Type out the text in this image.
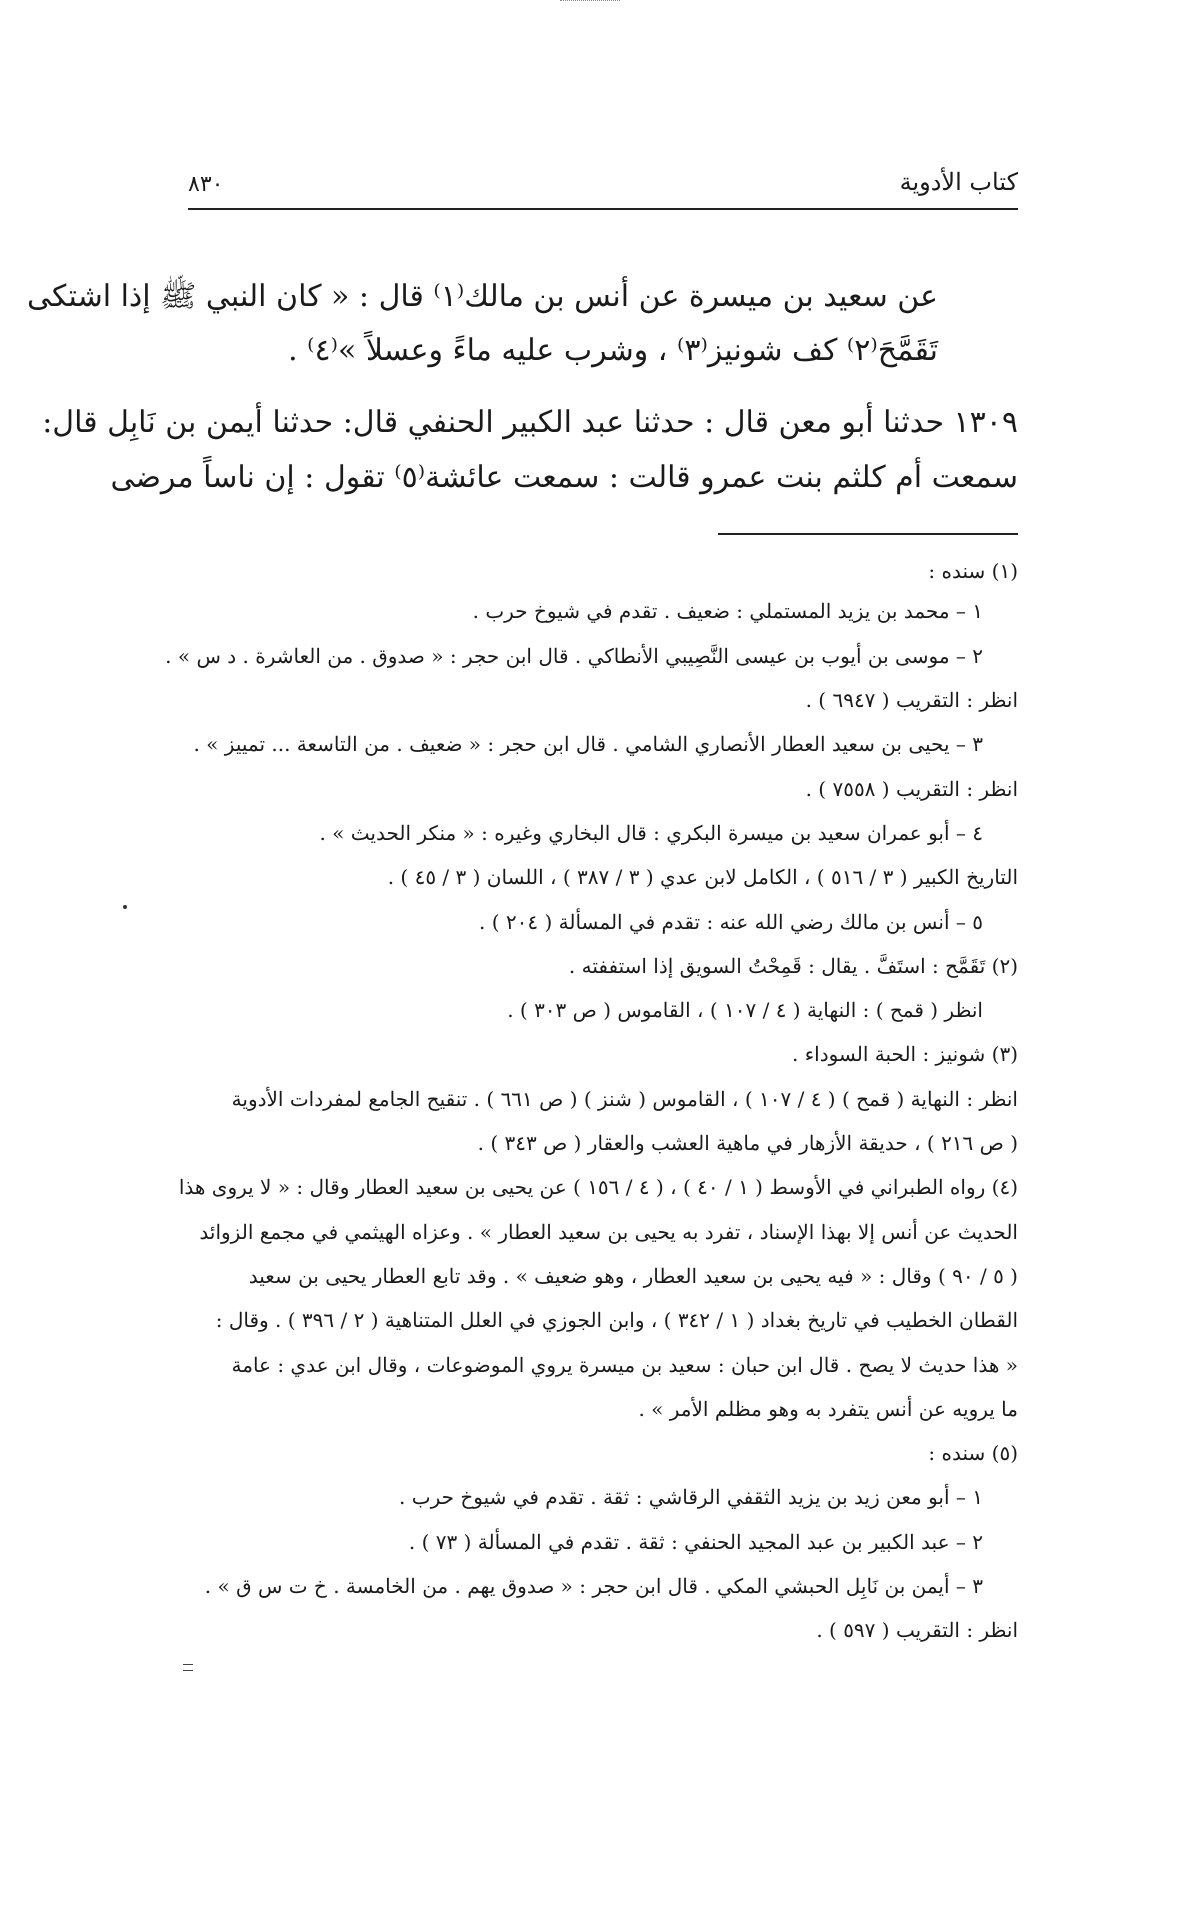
كتاب الأدوية
٨٣٠
عن سعيد بن ميسرة عن أنس بن مالك⁽١⁾ قال : « كان النبي ﷺ إذا اشتكى
تَقَمَّحَ⁽٢⁾ كف شونيز⁽٣⁾ ، وشرب عليه ماءً وعسلاً »⁽٤⁾ .
١٣٠٩ حدثنا أبو معن قال : حدثنا عبد الكبير الحنفي قال: حدثنا أيمن بن نَابِل قال:
سمعت أم كلثم بنت عمرو قالت : سمعت عائشة⁽٥⁾ تقول : إن ناساً مرضى
(١) سنده :
١ – محمد بن يزيد المستملي : ضعيف . تقدم في شيوخ حرب .
٢ – موسى بن أيوب بن عيسى النَّصِيبي الأنطاكي . قال ابن حجر : « صدوق . من العاشرة . د س » .
انظر : التقريب ( ٦٩٤٧ ) .
٣ – يحيى بن سعيد العطار الأنصاري الشامي . قال ابن حجر : « ضعيف . من التاسعة ... تمييز » .
انظر : التقريب ( ٧٥٥٨ ) .
٤ – أبو عمران سعيد بن ميسرة البكري : قال البخاري وغيره : « منكر الحديث » .
التاريخ الكبير ( ٣ / ٥١٦ ) ، الكامل لابن عدي ( ٣ / ٣٨٧ ) ، اللسان ( ٣ / ٤٥ ) .
٥ – أنس بن مالك رضي الله عنه : تقدم في المسألة ( ٢٠٤ ) .
(٢) تَقَمَّح : استَفَّ . يقال : قَمِحْتُ السويق إذا استففته .
انظر ( قمح ) : النهاية ( ٤ / ١٠٧ ) ، القاموس ( ص ٣٠٣ ) .
(٣) شونيز : الحبة السوداء .
انظر : النهاية ( قمح ) ( ٤ / ١٠٧ ) ، القاموس ( شنز ) ( ص ٦٦١ ) . تنقيح الجامع لمفردات الأدوية
( ص ٢١٦ ) ، حديقة الأزهار في ماهية العشب والعقار ( ص ٣٤٣ ) .
(٤) رواه الطبراني في الأوسط ( ١ / ٤٠ ) ، ( ٤ / ١٥٦ ) عن يحيى بن سعيد العطار وقال : « لا يروى هذا
الحديث عن أنس إلا بهذا الإسناد ، تفرد به يحيى بن سعيد العطار » . وعزاه الهيثمي في مجمع الزوائد
( ٥ / ٩٠ ) وقال : « فيه يحيى بن سعيد العطار ، وهو ضعيف » . وقد تابع العطار يحيى بن سعيد
القطان الخطيب في تاريخ بغداد ( ١ / ٣٤٢ ) ، وابن الجوزي في العلل المتناهية ( ٢ / ٣٩٦ ) . وقال :
« هذا حديث لا يصح . قال ابن حبان : سعيد بن ميسرة يروي الموضوعات ، وقال ابن عدي : عامة
ما يرويه عن أنس يتفرد به وهو مظلم الأمر » .
(٥) سنده :
١ – أبو معن زيد بن يزيد الثقفي الرقاشي : ثقة . تقدم في شيوخ حرب .
٢ – عبد الكبير بن عبد المجيد الحنفي : ثقة . تقدم في المسألة ( ٧٣ ) .
٣ – أيمن بن نَابِل الحبشي المكي . قال ابن حجر : « صدوق يهم . من الخامسة . خ ت س ق » .
انظر : التقريب ( ٥٩٧ ) .
